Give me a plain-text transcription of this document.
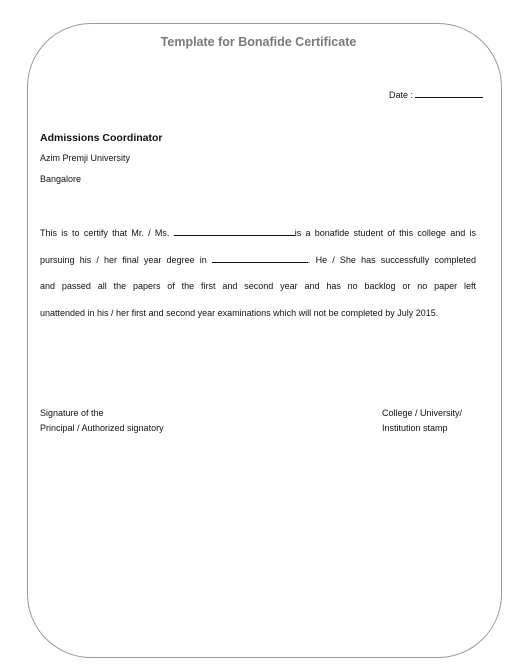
Template for Bonafide Certificate
Date :
Admissions Coordinator
Azim Premji University
Bangalore
This is to certify that Mr. / Ms.	is a bonafide student of this college and is
pursuing his / her final year degree in	. He / She has successfully completed
and passed all the papers of the first and second year and has no backlog or no paper left
unattended in his / her first and second year examinations which will not be completed by July 2015.
Signature of the
Principal / Authorized signatory
College / University/
Institution stamp
